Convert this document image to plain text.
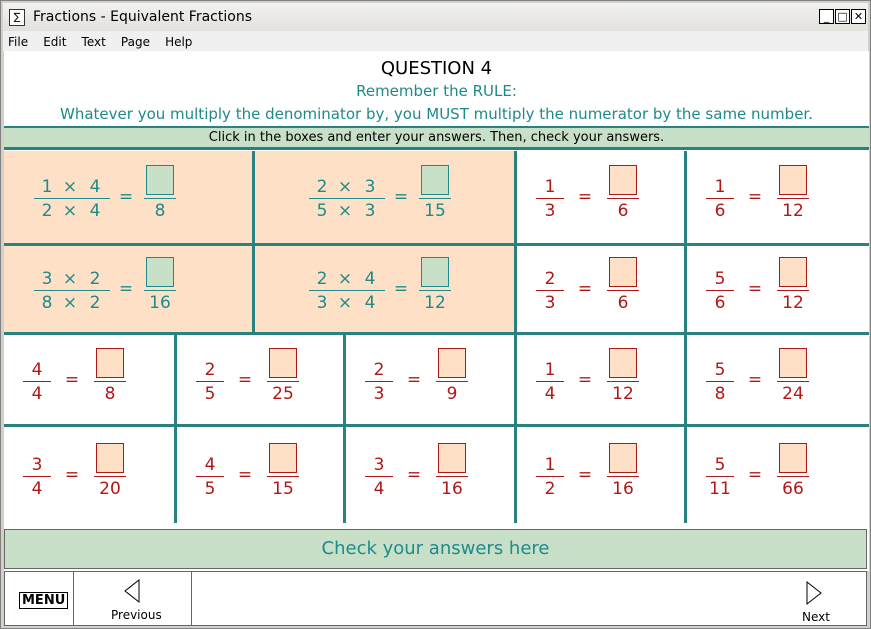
∑ Fractions - Equivalent Fractions	_ □ ✕
File Edit Text Page Help
QUESTION 4
Remember the RULE:
Whatever you multiply the denominator by, you MUST multiply the numerator by the same number.
Click in the boxes and enter your answers. Then, check your answers.
1
2
×
×
4
4
=
8
2
5
×
×
3
3
=
15
3
8
×
×
2
2
=
16
2
3
×
×
4
4
=
12
1
3
=
6
1
6
=
12
2
3
=
6
5
6
=
12
4
4
=
8
2
5
=
25
2
3
=
9
1
4
=
12
5
8
=
24
3
4
=
20
4
5
=
15
3
4
=
16
1
2
=
16
5
11
=
66
Check your answers here
MENU
Previous	Next
